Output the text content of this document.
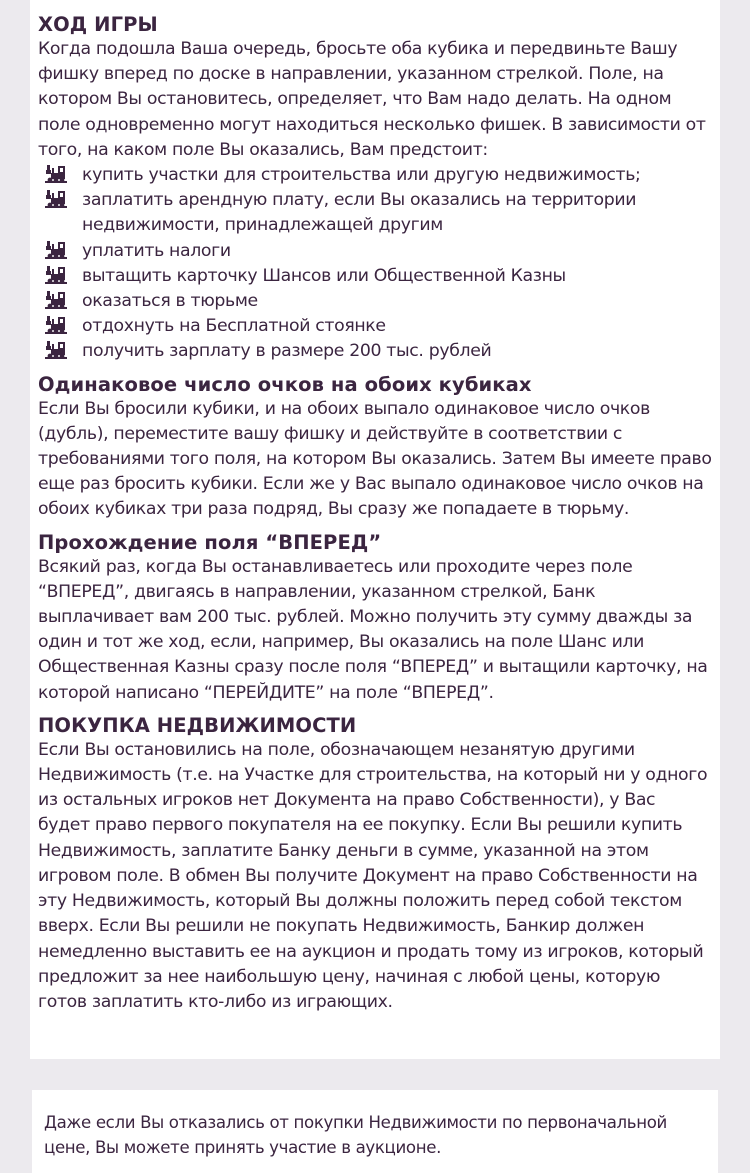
ХОД ИГРЫ

Когда подошла Ваша очередь, бросьте оба кубика и передвиньте Вашу фишку вперед по доске в направлении, указанном стрелкой. Поле, на котором Вы остановитесь, определяет, что Вам надо делать. На одном поле одновременно могут находиться несколько фишек. В зависимости от того, на каком поле Вы оказались, Вам предстоит:

купить участки для строительства или другую недвижимость;
заплатить арендную плату, если Вы оказались на территории недвижимости, принадлежащей другим
уплатить налоги
вытащить карточку Шансов или Общественной Казны
оказаться в тюрьме
отдохнуть на Бесплатной стоянке
получить зарплату в размере 200 тыс. рублей
Одинаковое число очков на обоих кубиках

Если Вы бросили кубики, и на обоих выпало одинаковое число очков (дубль), переместите вашу фишку и действуйте в соответствии с требованиями того поля, на котором Вы оказались. Затем Вы имеете право еще раз бросить кубики. Если же у Вас выпало одинаковое число очков на обоих кубиках три раза подряд, Вы сразу же попадаете в тюрьму.

Прохождение поля “ВПЕРЕД”

Всякий раз, когда Вы останавливаетесь или проходите через поле “ВПЕРЕД”, двигаясь в направлении, указанном стрелкой, Банк выплачивает вам 200 тыс. рублей. Можно получить эту сумму дважды за один и тот же ход, если, например, Вы оказались на поле Шанс или Общественная Казны сразу после поля “ВПЕРЕД” и вытащили карточку, на которой написано “ПЕРЕЙДИТЕ” на поле “ВПЕРЕД”.

ПОКУПКА НЕДВИЖИМОСТИ

Если Вы остановились на поле, обозначающем незанятую другими Недвижимость (т.е. на Участке для строительства, на который ни у одного из остальных игроков нет Документа на право Собственности), у Вас будет право первого покупателя на ее покупку. Если Вы решили купить Недвижимость, заплатите Банку деньги в сумме, указанной на этом игровом поле. В обмен Вы получите Документ на право Собственности на эту Недвижимость, который Вы должны положить перед собой текстом вверх. Если Вы решили не покупать Недвижимость, Банкир должен немедленно выставить ее на аукцион и продать тому из игроков, который предложит за нее наибольшую цену, начиная с любой цены, которую готов заплатить кто-либо из играющих.

Даже если Вы отказались от покупки Недвижимости по первоначальной цене, Вы можете принять участие в аукционе.
